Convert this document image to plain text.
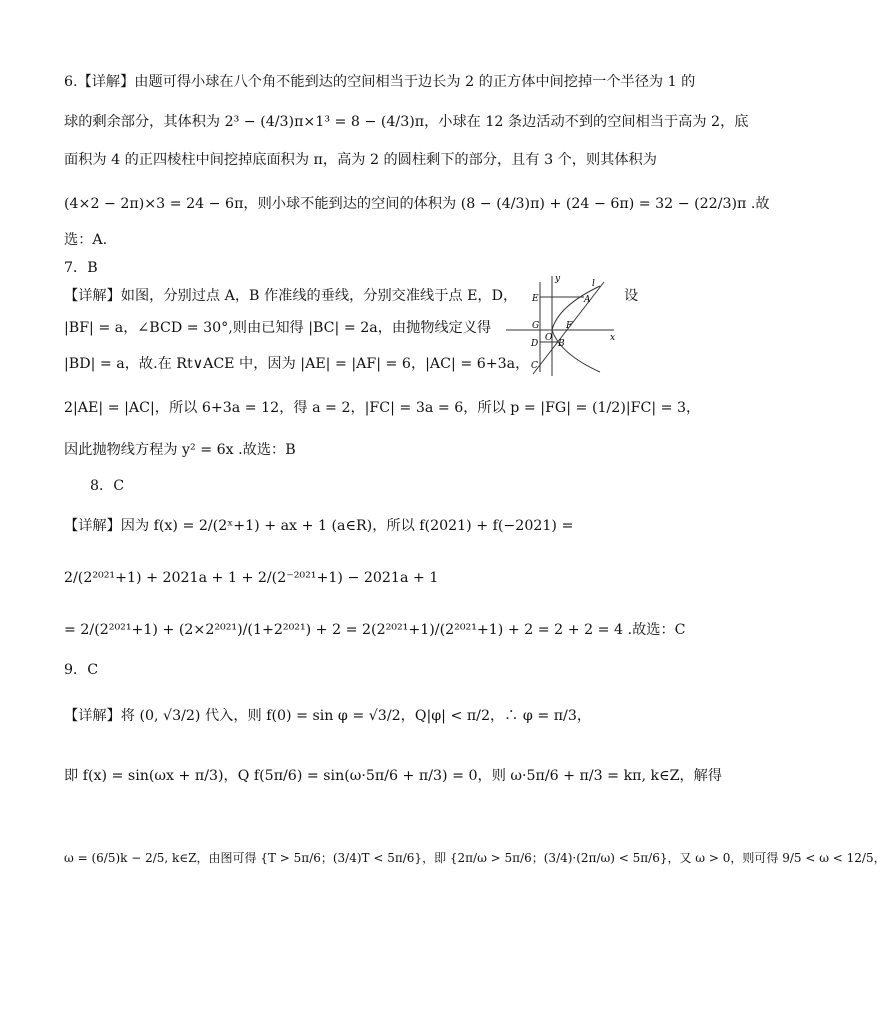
6.【详解】由题可得小球在八个角不能到达的空间相当于边长为 2 的正方体中间挖掉一个半径为 1 的
球的剩余部分，其体积为 2³ − (4/3)π×1³ = 8 − (4/3)π，小球在 12 条边活动不到的空间相当于高为 2，底
面积为 4 的正四棱柱中间挖掉底面积为 π，高为 2 的圆柱剩下的部分，且有 3 个，则其体积为
(4×2 − 2π)×3 = 24 − 6π，则小球不能到达的空间的体积为 (8 − (4/3)π) + (24 − 6π) = 32 − (22/3)π .故
选：A.
7．B
【详解】如图，分别过点 A，B 作准线的垂线，分别交准线于点 E，D，
|BF| = a，∠BCD = 30°,则由已知得 |BC| = 2a，由抛物线定义得
|BD| = a，故.在 Rt∨ACE 中，因为 |AE| = |AF| = 6，|AC| = 6+3a，
2|AE| = |AC|，所以 6+3a = 12，得 a = 2，|FC| = 3a = 6，所以 p = |FG| = (1/2)|FC| = 3，
因此抛物线方程为 y² = 6x .故选：B
8．C
【详解】因为 f(x) = 2/(2ˣ+1) + ax + 1 (a∈R)，所以 f(2021) + f(−2021) =
2/(2²⁰²¹+1) + 2021a + 1 + 2/(2⁻²⁰²¹+1) − 2021a + 1
= 2/(2²⁰²¹+1) + (2×2²⁰²¹)/(1+2²⁰²¹) + 2 = 2(2²⁰²¹+1)/(2²⁰²¹+1) + 2 = 2 + 2 = 4 .故选：C
9．C
【详解】将 (0, √3/2) 代入，则 f(0) = sin φ = √3/2，Q|φ| < π/2，∴ φ = π/3，
即 f(x) = sin(ωx + π/3)，Q f(5π/6) = sin(ω·5π/6 + π/3) = 0，则 ω·5π/6 + π/3 = kπ, k∈Z，解得
ω = (6/5)k − 2/5, k∈Z，由图可得 {T > 5π/6；(3/4)T < 5π/6}，即 {2π/ω > 5π/6；(3/4)·(2π/ω) < 5π/6}，又 ω > 0，则可得 9/5 < ω < 12/5，
设
y	l
E	A
G	F
D
O
B
x
C
